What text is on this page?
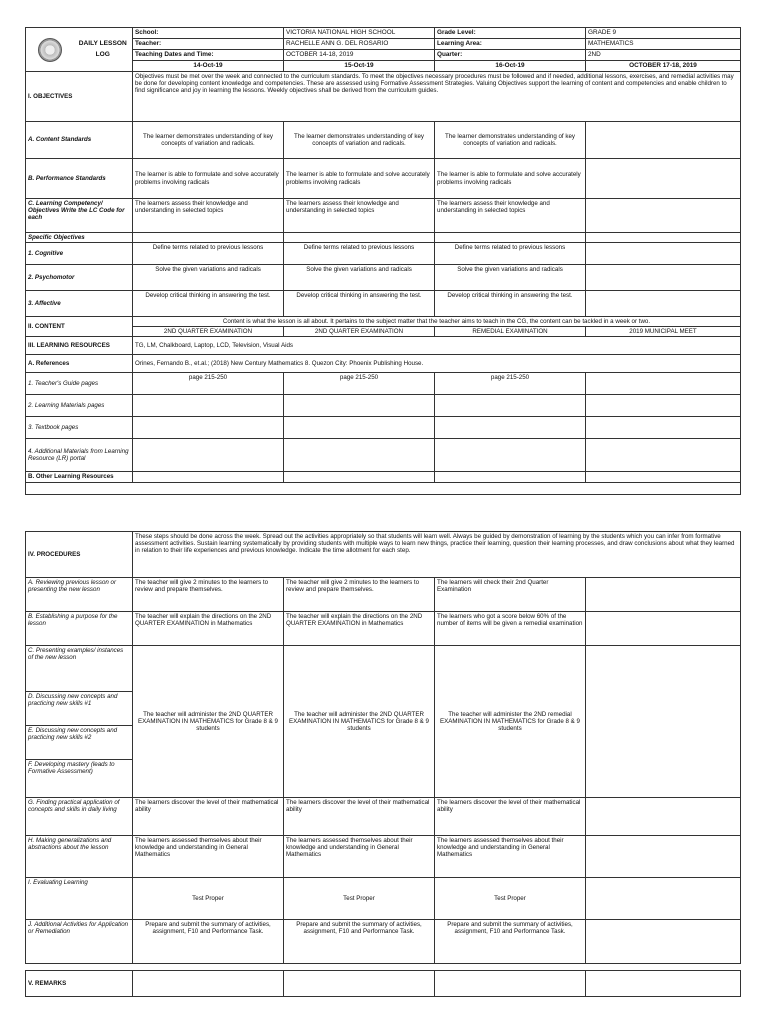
	DAILY LESSON
LOG	School:	VICTORIA NATIONAL HIGH SCHOOL	Grade Level:	GRADE 9
		Teacher:	RACHELLE ANN G. DEL ROSARIO	Learning Area:	MATHEMATICS
		Teaching Dates and Time:	OCTOBER 14-18, 2019	Quarter:	2ND
		14-Oct-19	15-Oct-19	16-Oct-19	OCTOBER 17-18, 2019
I. OBJECTIVES		Objectives must be met over the week and connected to the curriculum standards. To meet the objectives necessary procedures must be followed and if needed, additional lessons, exercises, and remedial activities may be done for developing content knowledge and competencies. These are assessed using Formative Assessment Strategies. Valuing Objectives support the learning of content and competencies and enable children to find significance and joy in learning the lessons. Weekly objectives shall be derived from the curriculum guides.			
A. Content Standards		The learner demonstrates understanding of key concepts of variation and radicals.	The learner demonstrates understanding of key concepts of variation and radicals.	The learner demonstrates understanding of key concepts of variation and radicals.	
B. Performance Standards		The learner is able to formulate and solve accurately problems involving radicals	The learner is able to formulate and solve accurately problems involving radicals	The learner is able to formulate and solve accurately problems involving radicals	
C. Learning Competency/ Objectives Write the LC Code for each		The learners assess their knowledge and understanding in selected topics	The learners assess their knowledge and understanding in selected topics	The learners assess their knowledge and understanding in selected topics	
Specific Objectives					
1. Cognitive		Define terms related to previous lessons	Define terms related to previous lessons	Define terms related to previous lessons	
2. Psychomotor		Solve the given variations and radicals	Solve the given variations and radicals	Solve the given variations and radicals	
3. Affective		Develop critical thinking in answering the test.	Develop critical thinking in answering the test.	Develop critical thinking in answering the test.	
II. CONTENT		Content is what the lesson is all about. It pertains to the subject matter that the teacher aims to teach in the CG, the content can be tackled in a week or two.			
		2ND QUARTER EXAMINATION	2ND QUARTER EXAMINATION	REMEDIAL EXAMINATION	2019 MUNICIPAL MEET
III. LEARNING RESOURCES		TG, LM, Chalkboard, Laptop, LCD, Television, Visual Aids			
A. References		Orines, Fernando B., et.al.; (2018) New Century Mathematics 8. Quezon City: Phoenix Publishing House.			
1. Teacher's Guide pages		page 215-250	page 215-250	page 215-250	
2. Learning Materials pages					
3. Textbook pages					
4. Additional Materials from Learning Resource (LR) portal					
B. Other Learning Resources					

IV. PROCEDURES	These steps should be done across the week. Spread out the activities appropriately so that students will learn well. Always be guided by demonstration of learning by the students which you can infer from formative assessment activities. Sustain learning systematically by providing students with multiple ways to learn new things, practice their learning, question their learning processes, and draw conclusions about what they learned in relation to their life experiences and previous knowledge. Indicate the time allotment for each step.			
A. Reviewing previous lesson or presenting the new lesson	The teacher will give 2 minutes to the learners to review and prepare themselves.	The teacher will give 2 minutes to the learners to review and prepare themselves.	The learners will check their 2nd Quarter Examination	
B. Establishing a purpose for the lesson	The teacher will explain the directions on the 2ND QUARTER EXAMINATION in Mathematics	The teacher will explain the directions on the 2ND QUARTER EXAMINATION in Mathematics	The learners who got a score below 60% of the number of items will be given a remedial examination	
C. Presenting examples/ instances of the new lesson	The teacher will administer the 2ND QUARTER EXAMINATION IN MATHEMATICS for Grade 8 & 9 students	The teacher will administer the 2ND QUARTER EXAMINATION IN MATHEMATICS for Grade 8 & 9 students	The teacher will administer the 2ND remedial EXAMINATION IN MATHEMATICS for Grade 8 & 9 students	
D. Discussing new concepts and practicing new skills #1				
E. Discussing new concepts and practicing new skills #2				
F. Developing mastery (leads to Formative Assessment)				
G. Finding practical application of concepts and skills in daily living	The learners discover the level of their mathematical ability	The learners discover the level of their mathematical ability	The learners discover the level of their mathematical ability	
H. Making generalizations and abstractions about the lesson	The learners assessed themselves about their knowledge and understanding in General Mathematics	The learners assessed themselves about their knowledge and understanding in General Mathematics	The learners assessed themselves about their knowledge and understanding in General Mathematics	
I. Evaluating Learning	Test Proper	Test Proper	Test Proper	
J. Additional Activities for Application or Remediation	Prepare and submit the summary of activities, assignment, F10 and Performance Task.	Prepare and submit the summary of activities, assignment, F10 and Performance Task.	Prepare and submit the summary of activities, assignment, F10 and Performance Task.	
V. REMARKS				
